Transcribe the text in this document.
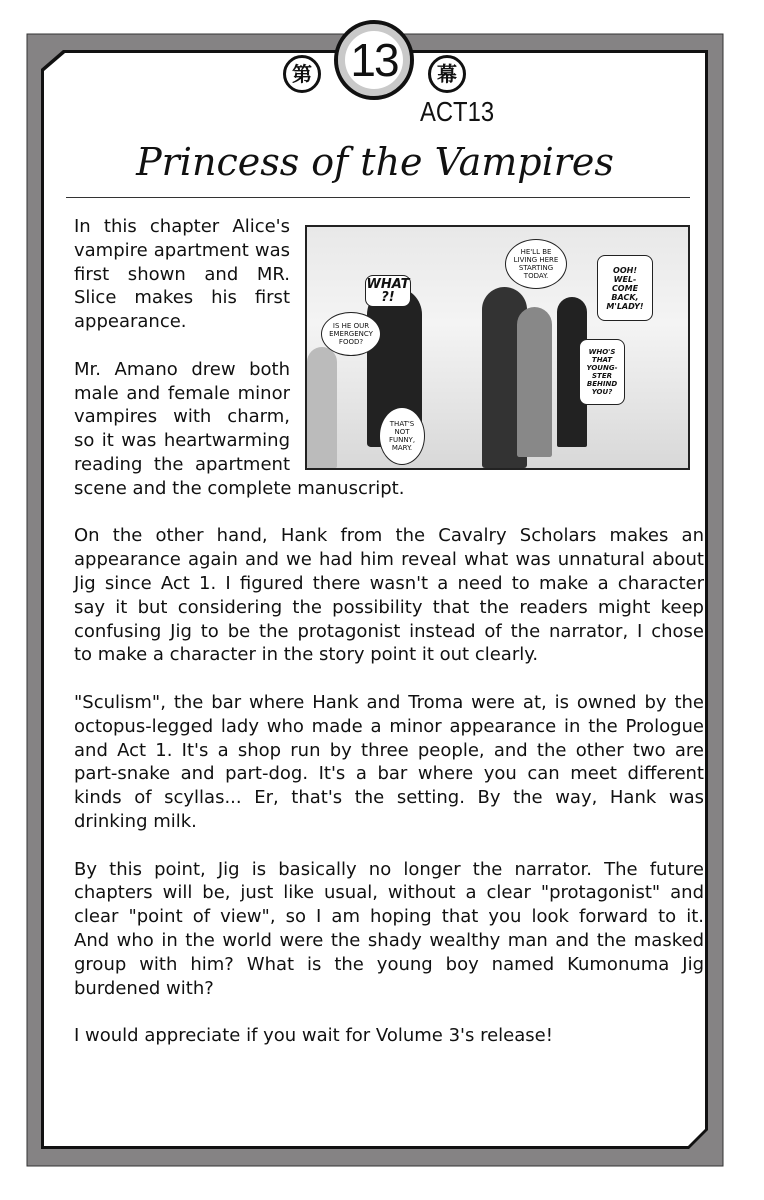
13
第	幕
ACT13
Princess of the Vampires
WHAT
?!
IS HE OUR
EMERGENCY
FOOD?
HE'LL BE
LIVING HERE
STARTING
TODAY.
OOH!
WEL-
COME
BACK,
M'LADY!
WHO'S
THAT
YOUNG-
STER
BEHIND
YOU?
THAT'S
NOT
FUNNY,
MARY.
In this chapter Alice's
vampire apartment was
first shown and MR.
Slice makes his first
appearance.
Mr. Amano drew both
male and female minor
vampires with charm,
so it was heartwarming
reading the apartment
scene and the complete manuscript.
On the other hand, Hank from the Cavalry Scholars makes an
appearance again and we had him reveal what was unnatural about
Jig since Act 1. I figured there wasn't a need to make a character
say it but considering the possibility that the readers might keep
confusing Jig to be the protagonist instead of the narrator, I chose
to make a character in the story point it out clearly.
"Sculism", the bar where Hank and Troma were at, is owned by the
octopus-legged lady who made a minor appearance in the Prologue
and Act 1. It's a shop run by three people, and the other two are
part-snake and part-dog. It's a bar where you can meet different
kinds of scyllas... Er, that's the setting. By the way, Hank was
drinking milk.
By this point, Jig is basically no longer the narrator. The future
chapters will be, just like usual, without a clear "protagonist" and
clear "point of view", so I am hoping that you look forward to it.
And who in the world were the shady wealthy man and the masked
group with him? What is the young boy named Kumonuma Jig
burdened with?
I would appreciate if you wait for Volume 3's release!
